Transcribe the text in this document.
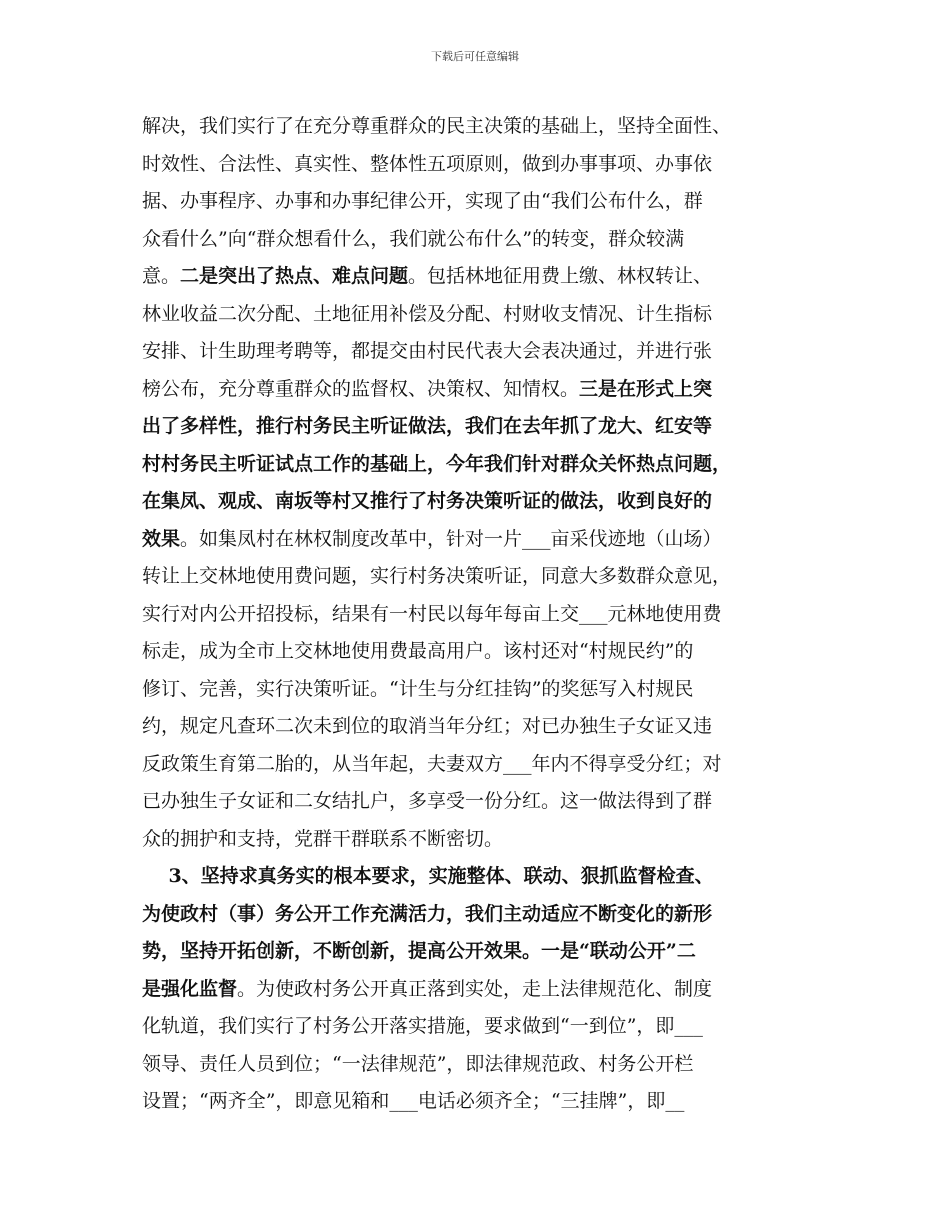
下载后可任意编辑
解决，我们实行了在充分尊重群众的民主决策的基础上，坚持全面性、
时效性、合法性、真实性、整体性五项原则，做到办事事项、办事依
据、办事程序、办事和办事纪律公开，实现了由“我们公布什么，群
众看什么”向“群众想看什么，我们就公布什么”的转变，群众较满
意。二是突出了热点、难点问题。包括林地征用费上缴、林权转让、
林业收益二次分配、土地征用补偿及分配、村财收支情况、计生指标
安排、计生助理考聘等，都提交由村民代表大会表决通过，并进行张
榜公布，充分尊重群众的监督权、决策权、知情权。三是在形式上突
出了多样性，推行村务民主听证做法，我们在去年抓了龙大、红安等
村村务民主听证试点工作的基础上，今年我们针对群众关怀热点问题，
在集凤、观成、南坂等村又推行了村务决策听证的做法，收到良好的
效果。如集凤村在林权制度改革中，针对一片___亩采伐迹地（山场）
转让上交林地使用费问题，实行村务决策听证，同意大多数群众意见，
实行对内公开招投标，结果有一村民以每年每亩上交___元林地使用费
标走，成为全市上交林地使用费最高用户。该村还对“村规民约”的
修订、完善，实行决策听证。“计生与分红挂钩”的奖惩写入村规民
约，规定凡查环二次未到位的取消当年分红；对已办独生子女证又违
反政策生育第二胎的，从当年起，夫妻双方___年内不得享受分红；对
已办独生子女证和二女结扎户，多享受一份分红。这一做法得到了群
众的拥护和支持，党群干群联系不断密切。
3、坚持求真务实的根本要求，实施整体、联动、狠抓监督检查、
为使政村（事）务公开工作充满活力，我们主动适应不断变化的新形
势，坚持开拓创新，不断创新，提高公开效果。一是“联动公开”二
是强化监督。为使政村务公开真正落到实处，走上法律规范化、制度
化轨道，我们实行了村务公开落实措施，要求做到“一到位”，即___
领导、责任人员到位；“一法律规范”，即法律规范政、村务公开栏
设置；“两齐全”，即意见箱和___电话必须齐全；“三挂牌”，即__
